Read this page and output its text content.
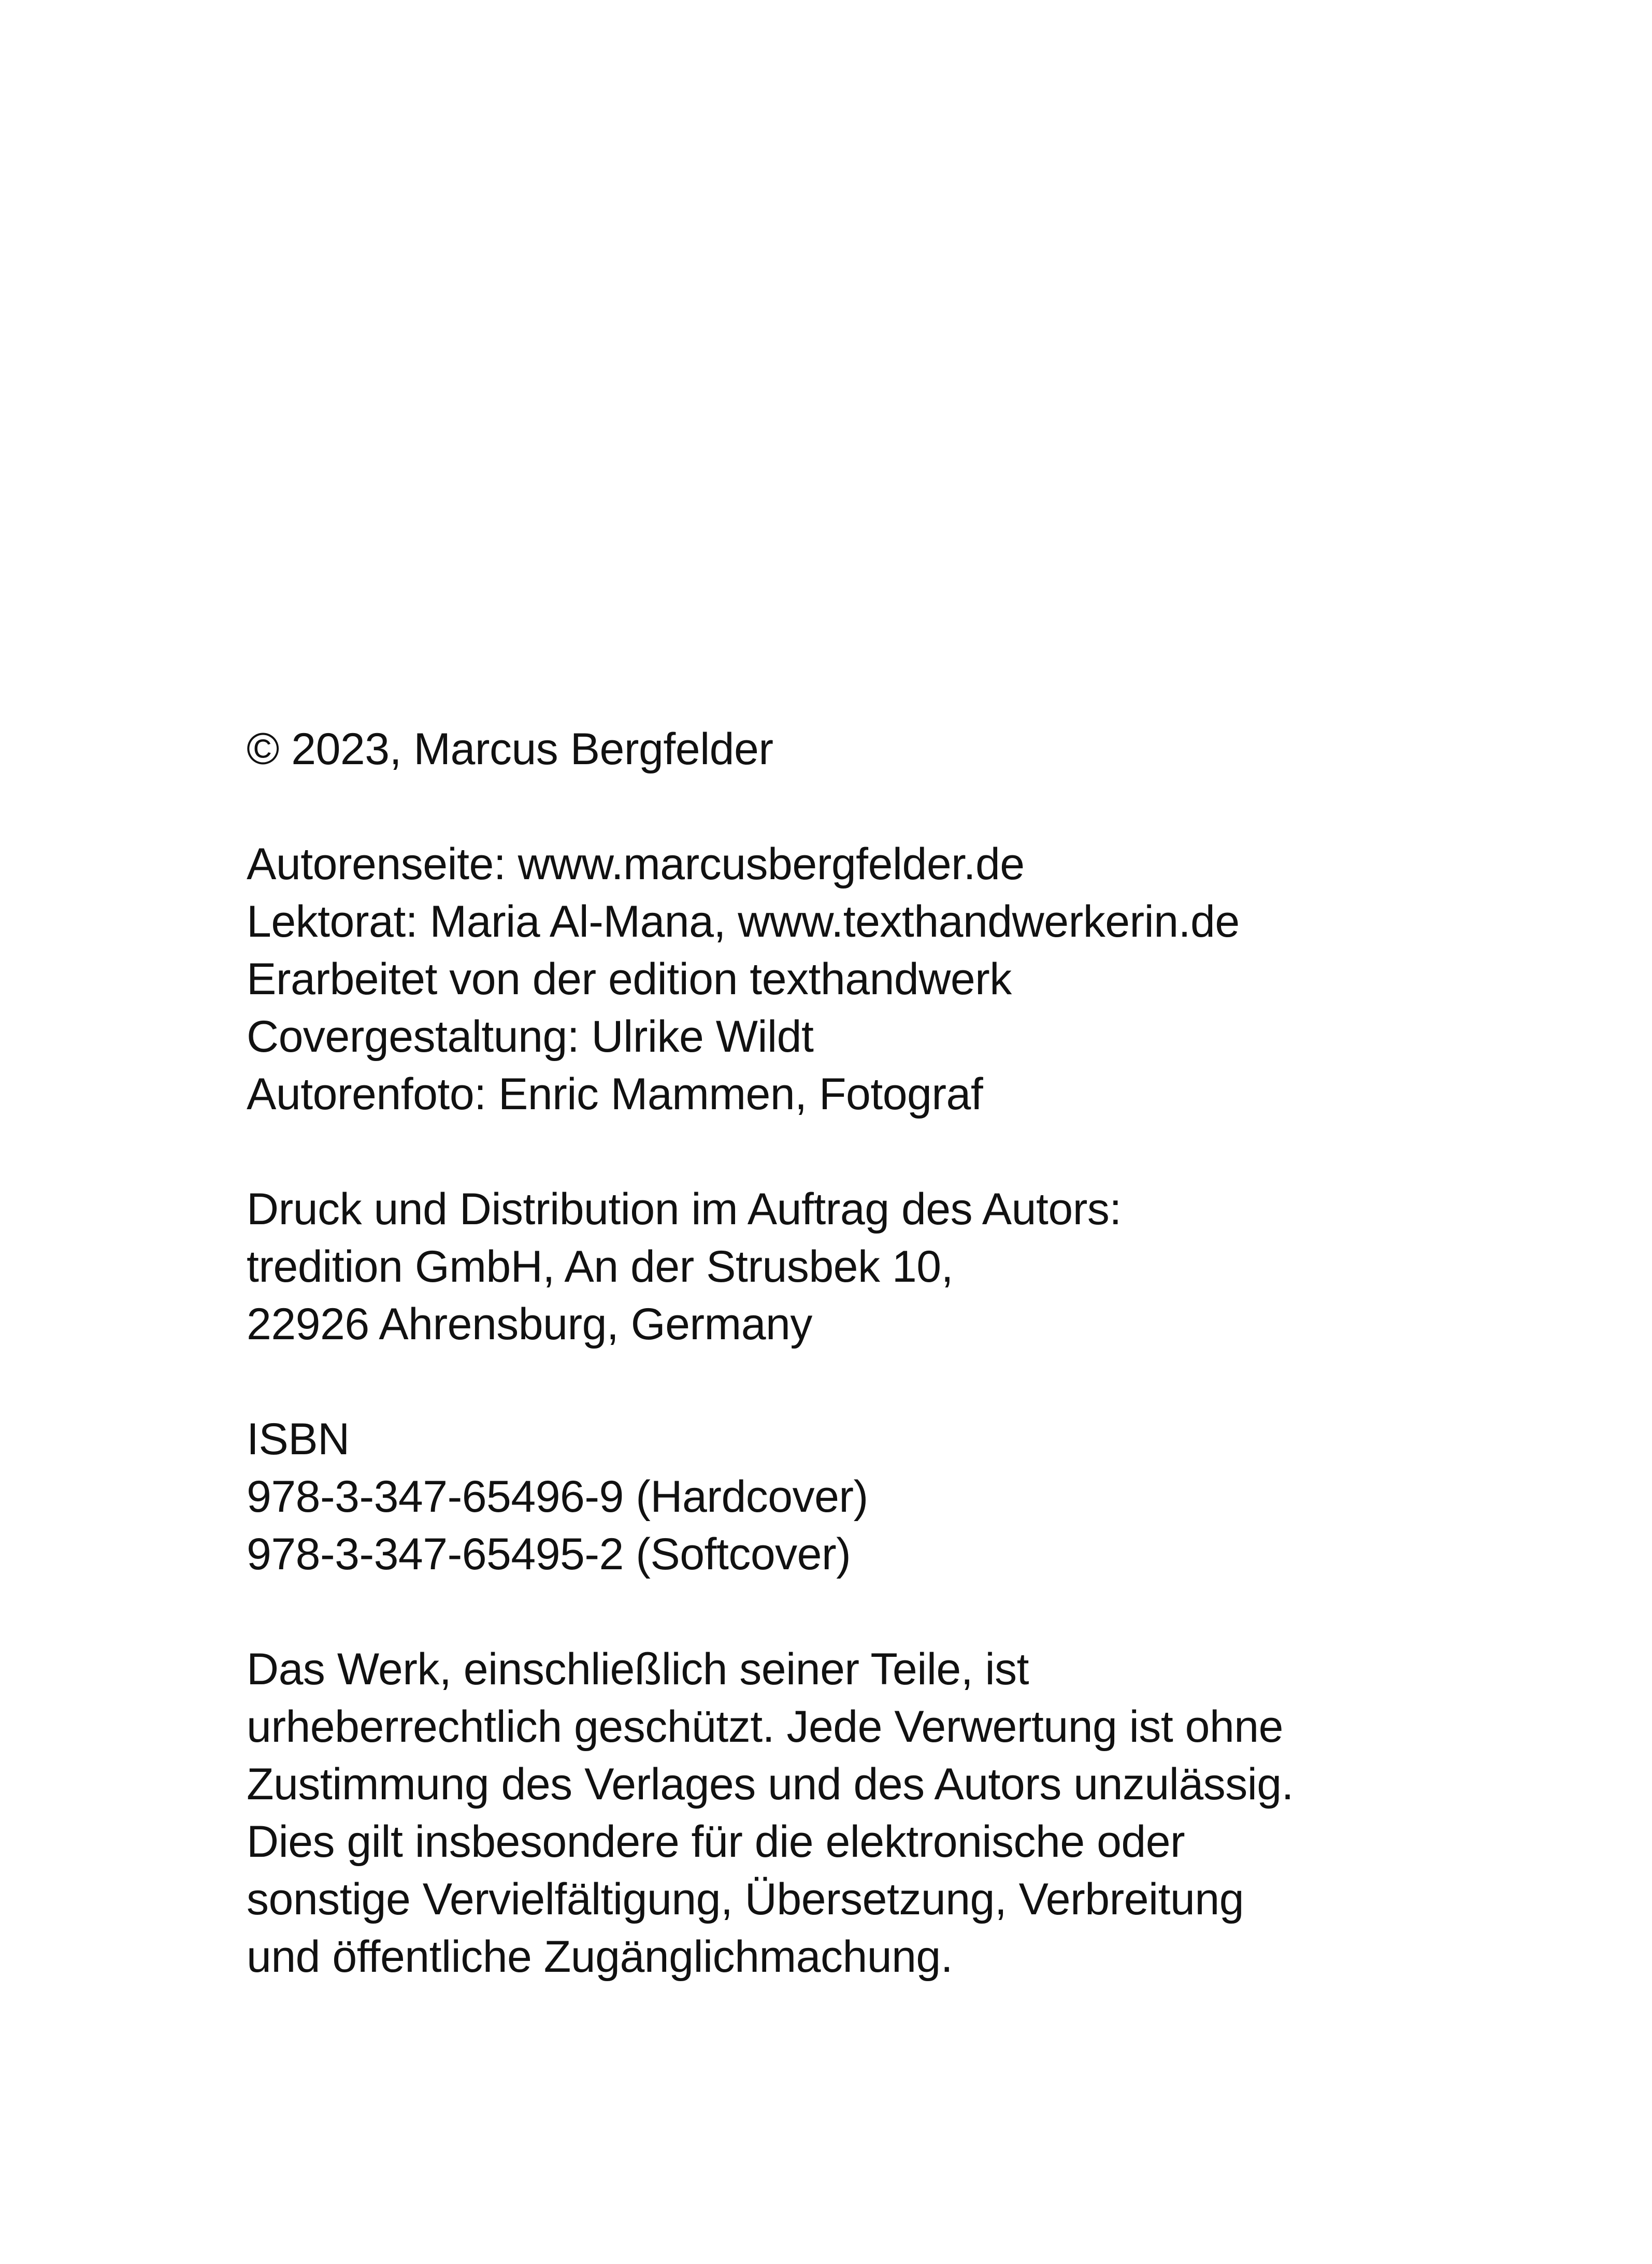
© 2023, Marcus Bergfelder
Autorenseite: www.marcusbergfelder.de
Lektorat: Maria Al-Mana, www.texthandwerkerin.de
Erarbeitet von der edition texthandwerk
Covergestaltung: Ulrike Wildt
Autorenfoto: Enric Mammen, Fotograf
Druck und Distribution im Auftrag des Autors:
tredition GmbH, An der Strusbek 10,
22926 Ahrensburg, Germany
ISBN
978-3-347-65496-9 (Hardcover)
978-3-347-65495-2 (Softcover)
Das Werk, einschließlich seiner Teile, ist
urheberrechtlich geschützt. Jede Verwertung ist ohne
Zustimmung des Verlages und des Autors unzulässig.
Dies gilt insbesondere für die elektronische oder
sonstige Vervielfältigung, Übersetzung, Verbreitung
und öffentliche Zugänglichmachung.
